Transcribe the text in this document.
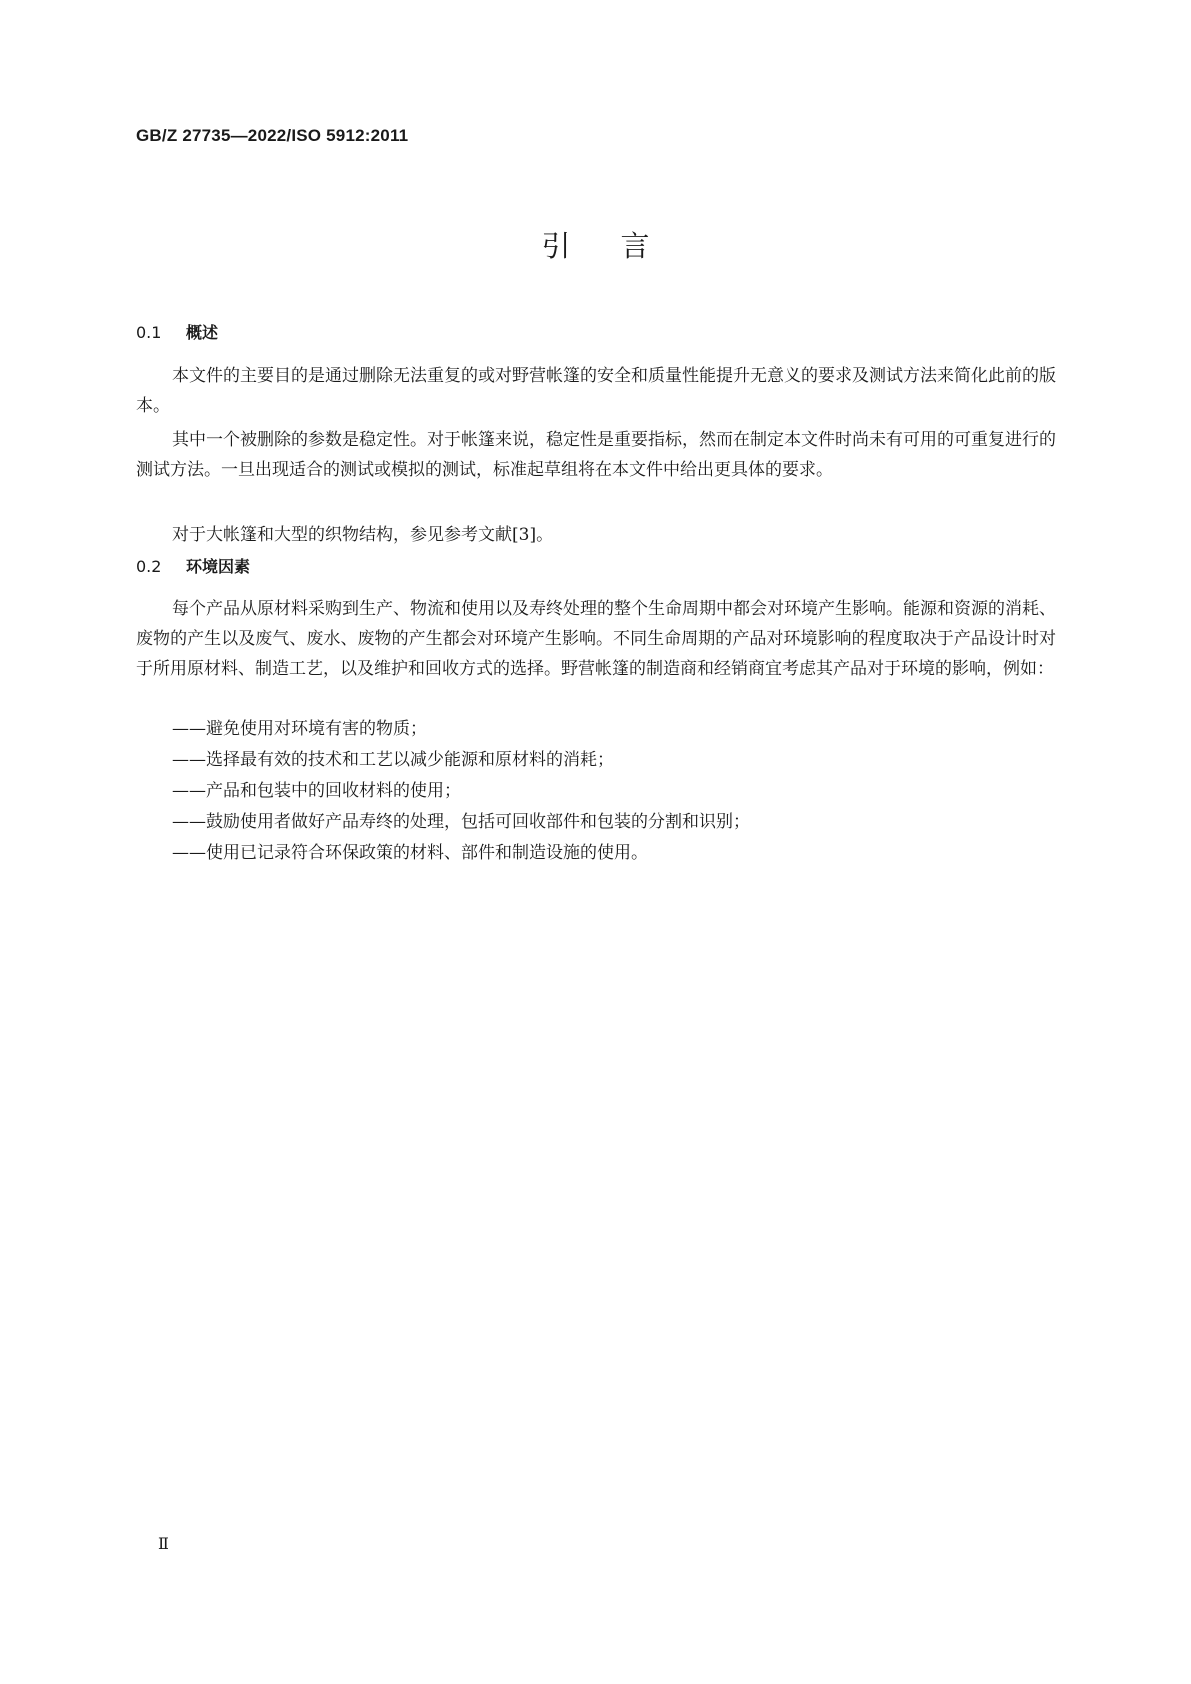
GB/Z 27735—2022/ISO 5912:2011
引言
0.1 概述

本文件的主要目的是通过删除无法重复的或对野营帐篷的安全和质量性能提升无意义的要求及测试方法来简化此前的版本。

其中一个被删除的参数是稳定性。对于帐篷来说，稳定性是重要指标，然而在制定本文件时尚未有可用的可重复进行的测试方法。一旦出现适合的测试或模拟的测试，标准起草组将在本文件中给出更具体的要求。

对于大帐篷和大型的织物结构，参见参考文献[3]。

0.2 环境因素

每个产品从原材料采购到生产、物流和使用以及寿终处理的整个生命周期中都会对环境产生影响。能源和资源的消耗、废物的产生以及废气、废水、废物的产生都会对环境产生影响。不同生命周期的产品对环境影响的程度取决于产品设计时对于所用原材料、制造工艺，以及维护和回收方式的选择。野营帐篷的制造商和经销商宜考虑其产品对于环境的影响，例如：

——避免使用对环境有害的物质；

——选择最有效的技术和工艺以减少能源和原材料的消耗；

——产品和包装中的回收材料的使用；

——鼓励使用者做好产品寿终的处理，包括可回收部件和包装的分割和识别；

——使用已记录符合环保政策的材料、部件和制造设施的使用。

Ⅱ
